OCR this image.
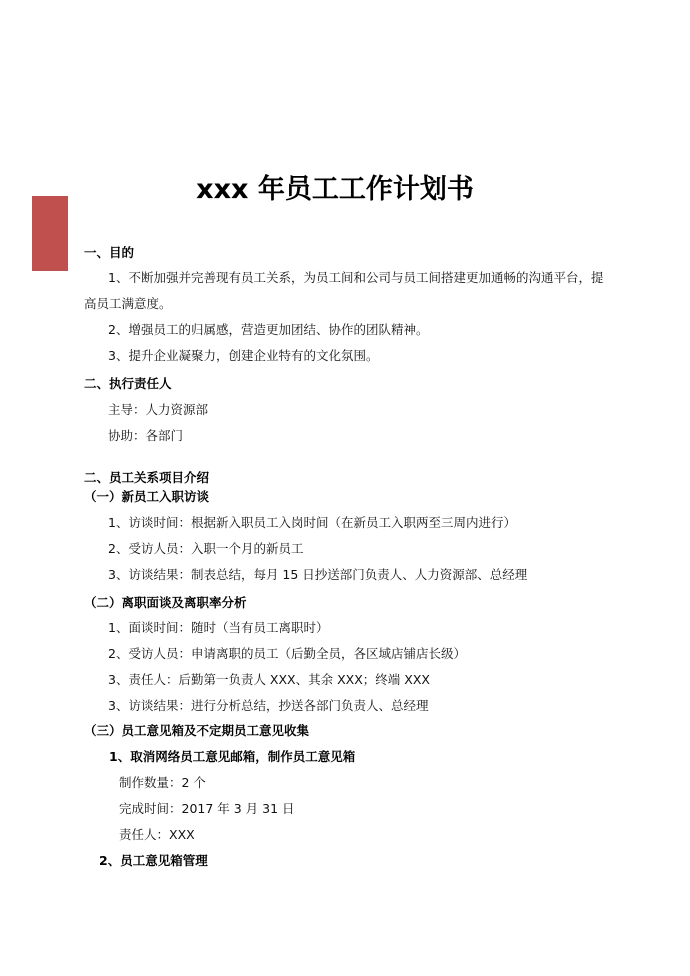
xxx 年员工工作计划书
一、目的
1、不断加强并完善现有员工关系，为员工间和公司与员工间搭建更加通畅的沟通平台，提
高员工满意度。
2、增强员工的归属感，营造更加团结、协作的团队精神。
3、提升企业凝聚力，创建企业特有的文化氛围。
二、执行责任人
主导：人力资源部
协助：各部门
二、员工关系项目介绍
（一）新员工入职访谈
1、访谈时间：根据新入职员工入岗时间（在新员工入职两至三周内进行）
2、受访人员：入职一个月的新员工
3、访谈结果：制表总结，每月 15 日抄送部门负责人、人力资源部、总经理
（二）离职面谈及离职率分析
1、面谈时间：随时（当有员工离职时）
2、受访人员：申请离职的员工（后勤全员，各区域店铺店长级）
3、责任人：后勤第一负责人 XXX、其余 XXX；终端 XXX
3、访谈结果：进行分析总结，抄送各部门负责人、总经理
（三）员工意见箱及不定期员工意见收集
1、取消网络员工意见邮箱，制作员工意见箱
制作数量：2 个
完成时间：2017 年 3 月 31 日
责任人：XXX
2、员工意见箱管理
